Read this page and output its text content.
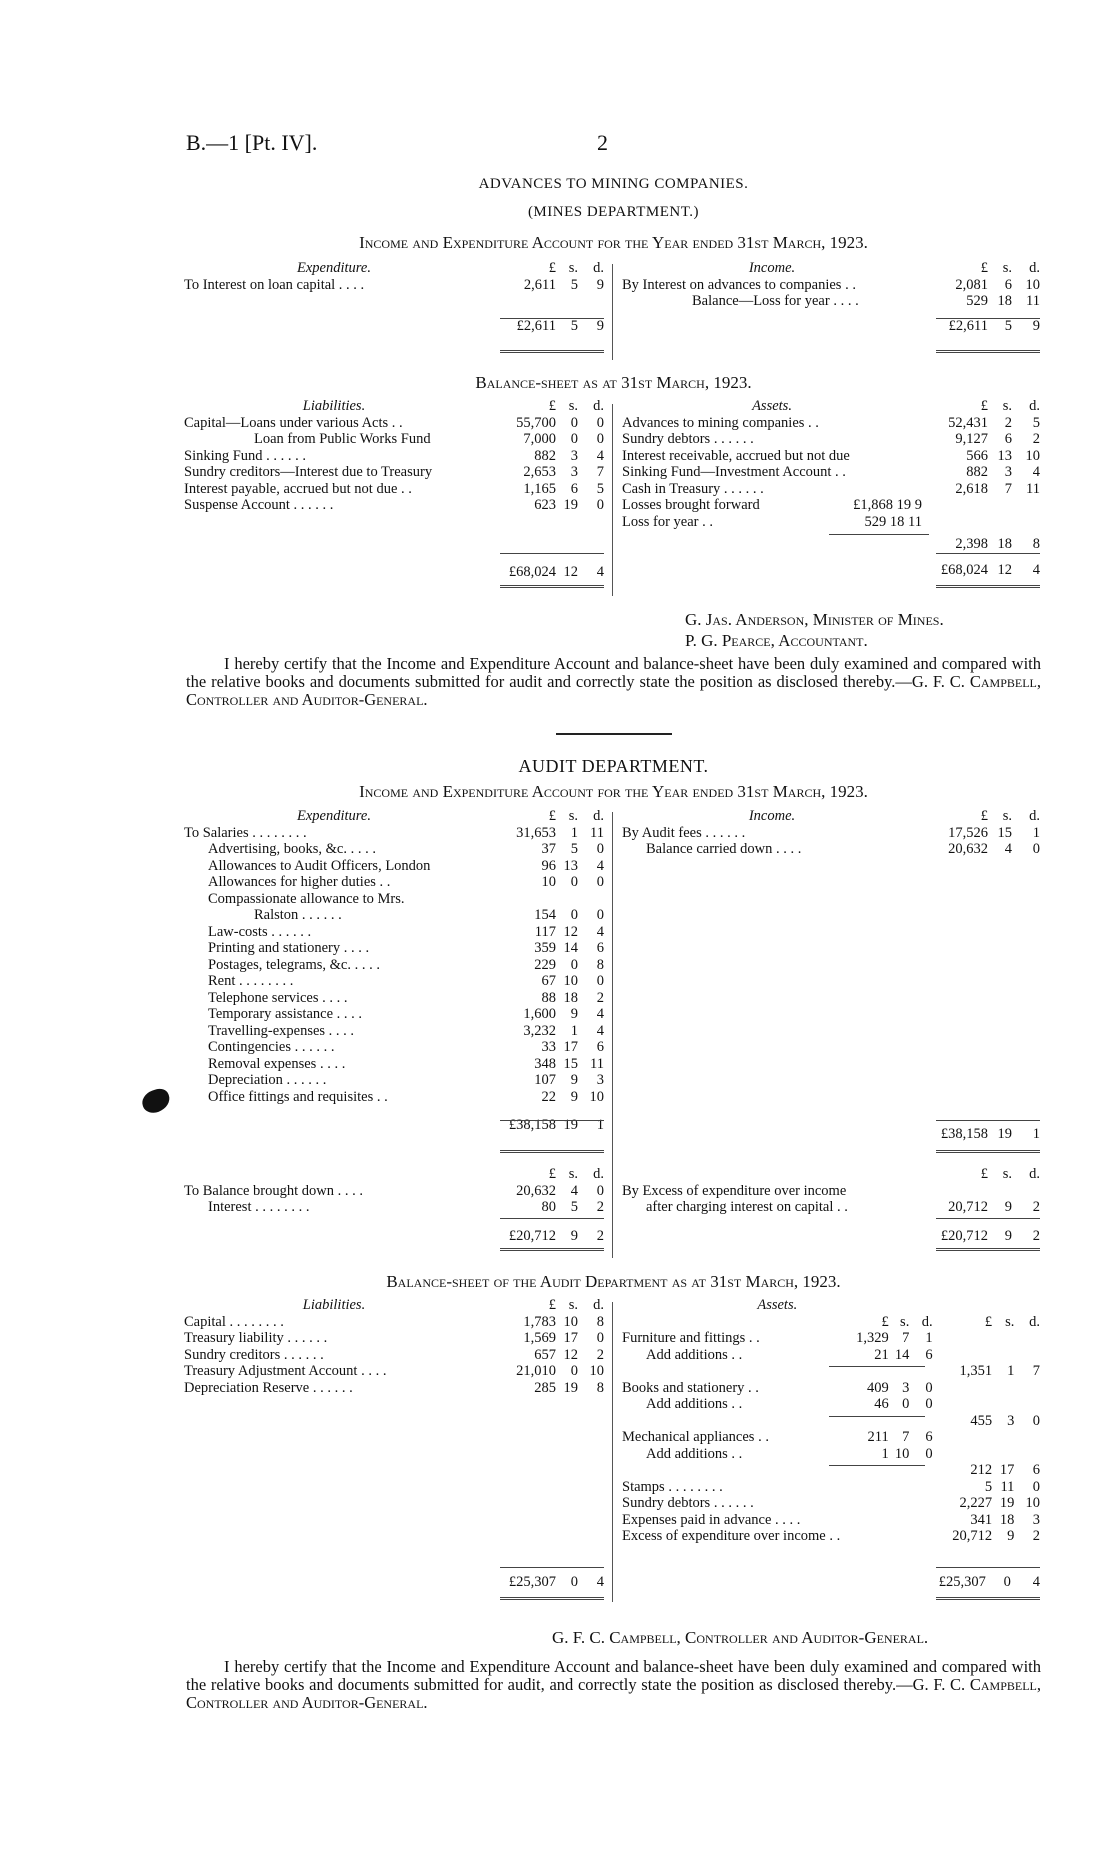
B.—1 [Pt. IV].	2
ADVANCES TO MINING COMPANIES.
(MINES DEPARTMENT.)
Income and Expenditure Account for the Year ended 31st March, 1923.
Expenditure.	£	s.	d.
To Interest on loan capital . . . .	2,611	5	9

	£2,611	5	9
Income.	£	s.	d.
By Interest on advances to companies . .	2,081	6	10
Balance—Loss for year . . . .	529	18	11

	£2,611	5	9
Balance-sheet as at 31st March, 1923.
Liabilities.	£	s.	d.
Capital—Loans under various Acts . .	55,700	0	0
Loan from Public Works Fund	7,000	0	0
Sinking Fund . . . . . .	882	3	4
Sundry creditors—Interest due to Treasury	2,653	3	7
Interest payable, accrued but not due . .	1,165	6	5
Suspense Account . . . . . .	623	19	0

	£68,024	12	4
Assets.		£	s.	d.
Advances to mining companies . .		52,431	2	5
Sundry debtors . . . . . .		9,127	6	2
Interest receivable, accrued but not due		566	13	10
Sinking Fund—Investment Account . .		882	3	4
Cash in Treasury . . . . . .		2,618	7	11
Losses brought forward	£1,868 19 9			
Loss for year . .	529 18 11			
		2,398	18	8

		£68,024	12	4
G. Jas. Anderson, Minister of Mines.
P. G. Pearce, Accountant.
I hereby certify that the Income and Expenditure Account and balance-sheet have been duly examined and compared with the relative books and documents submitted for audit and correctly state the position as disclosed thereby.—G. F. C. Campbell, Controller and Auditor-General.
AUDIT DEPARTMENT.
Income and Expenditure Account for the Year ended 31st March, 1923.
Expenditure.	£	s.	d.
To Salaries . . . . . . . .	31,653	1	11
Advertising, books, &c. . . . .	37	5	0
Allowances to Audit Officers, London	96	13	4
Allowances for higher duties . .	10	0	0
Compassionate allowance to Mrs.			
Ralston . . . . . .	154	0	0
Law-costs . . . . . .	117	12	4
Printing and stationery . . . .	359	14	6
Postages, telegrams, &c. . . . .	229	0	8
Rent . . . . . . . .	67	10	0
Telephone services . . . .	88	18	2
Temporary assistance . . . .	1,600	9	4
Travelling-expenses . . . .	3,232	1	4
Contingencies . . . . . .	33	17	6
Removal expenses . . . .	348	15	11
Depreciation . . . . . .	107	9	3
Office fittings and requisites . .	22	9	10

	£38,158	19	1
Income.	£	s.	d.
By Audit fees . . . . . .	17,526	15	1
Balance carried down . . . .	20,632	4	0
	£38,158	19	1
	£	s.	d.
To Balance brought down . . . .	20,632	4	0
Interest . . . . . . . .	80	5	2

	£20,712	9	2
	£	s.	d.
By Excess of expenditure over income			
after charging interest on capital . .	20,712	9	2

	£20,712	9	2
Balance-sheet of the Audit Department as at 31st March, 1923.
Liabilities.	£	s.	d.
Capital . . . . . . . .	1,783	10	8
Treasury liability . . . . . .	1,569	17	0
Sundry creditors . . . . . .	657	12	2
Treasury Adjustment Account . . . .	21,010	0	10
Depreciation Reserve . . . . . .	285	19	8
	£25,307	0	4
Assets.						
	£	s.	d.	£	s.	d.
Furniture and fittings . .	1,329	7	1			
Add additions . .	21	14	6			
				1,351	1	7
Books and stationery . .	409	3	0			
Add additions . .	46	0	0			
				455	3	0
Mechanical appliances . .	211	7	6			
Add additions . .	1	10	0			
				212	17	6
Stamps . . . . . . . .				5	11	0
Sundry debtors . . . . . .				2,227	19	10
Expenses paid in advance . . . .				341	18	3
Excess of expenditure over income . .				20,712	9	2
	£25,307	0	4
G. F. C. Campbell, Controller and Auditor-General.
I hereby certify that the Income and Expenditure Account and balance-sheet have been duly examined and compared with the relative books and documents submitted for audit, and correctly state the position as disclosed thereby.—G. F. C. Campbell, Controller and Auditor-General.
